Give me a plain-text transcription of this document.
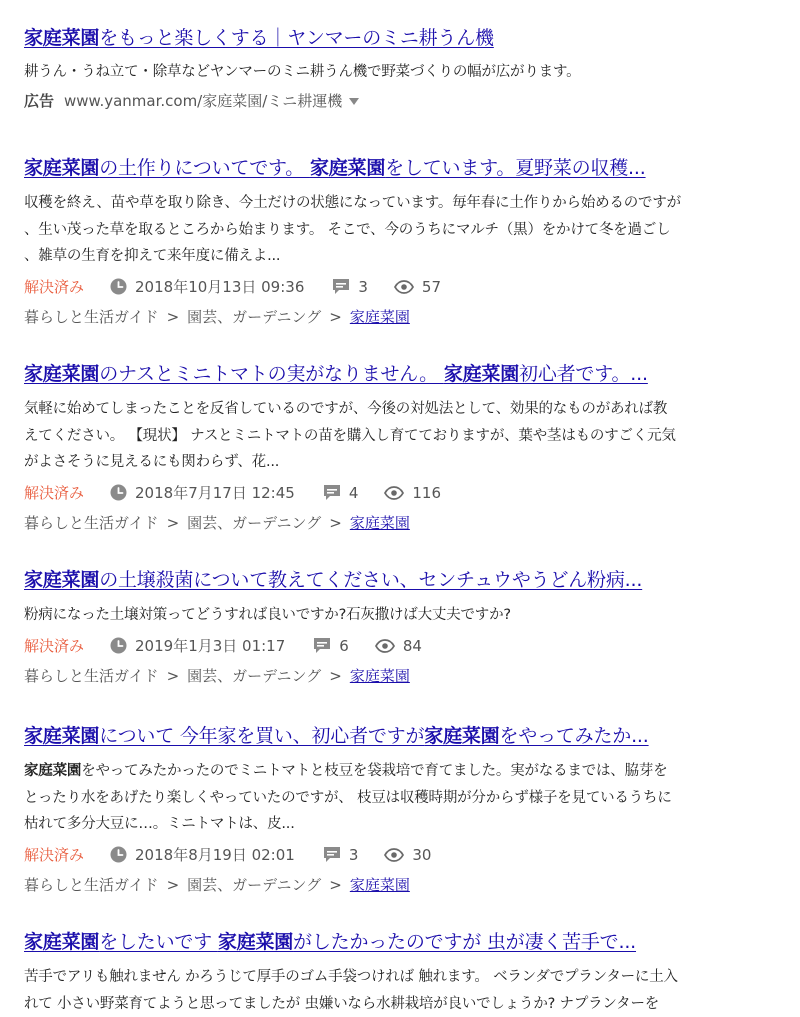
家庭菜園をもっと楽しくする｜ヤンマーのミニ耕うん機
耕うん・うね立て・除草などヤンマーのミニ耕うん機で野菜づくりの幅が広がります。
広告 www.yanmar.com/家庭菜園/ミニ耕運機
家庭菜園の土作りについてです。 家庭菜園をしています。夏野菜の収穫...
収穫を終え、苗や草を取り除き、今土だけの状態になっています。毎年春に土作りから始めるのですが
、生い茂った草を取るところから始まります。 そこで、今のうちにマルチ（黒）をかけて冬を過ごし
、雑草の生育を抑えて来年度に備えよ...
解決済み	2018年10月13日 09:36	3	57
暮らしと生活ガイド > 園芸、ガーデニング > 家庭菜園
家庭菜園のナスとミニトマトの実がなりません。 家庭菜園初心者です。...
気軽に始めてしまったことを反省しているのですが、今後の対処法として、効果的なものがあれば教
えてください。 【現状】 ナスとミニトマトの苗を購入し育てておりますが、葉や茎はものすごく元気
がよさそうに見えるにも関わらず、花...
解決済み	2018年7月17日 12:45	4	116
暮らしと生活ガイド > 園芸、ガーデニング > 家庭菜園
家庭菜園の土壌殺菌について教えてください、センチュウやうどん粉病...
粉病になった土壌対策ってどうすれば良いですか?石灰撒けば大丈夫ですか?
解決済み	2019年1月3日 01:17	6	84
暮らしと生活ガイド > 園芸、ガーデニング > 家庭菜園
家庭菜園について 今年家を買い、初心者ですが家庭菜園をやってみたか...
家庭菜園をやってみたかったのでミニトマトと枝豆を袋栽培で育てました。実がなるまでは、脇芽を
とったり水をあげたり楽しくやっていたのですが、 枝豆は収穫時期が分からず様子を見ているうちに
枯れて多分大豆に…。ミニトマトは、皮...
解決済み	2018年8月19日 02:01	3	30
暮らしと生活ガイド > 園芸、ガーデニング > 家庭菜園
家庭菜園をしたいです 家庭菜園がしたかったのですが 虫が凄く苦手で...
苦手でアリも触れません かろうじて厚手のゴム手袋つければ 触れます。 ベランダでプランターに土入
れて 小さい野菜育てようと思ってましたが 虫嫌いなら水耕栽培が良いでしょうか? ナプランターを
